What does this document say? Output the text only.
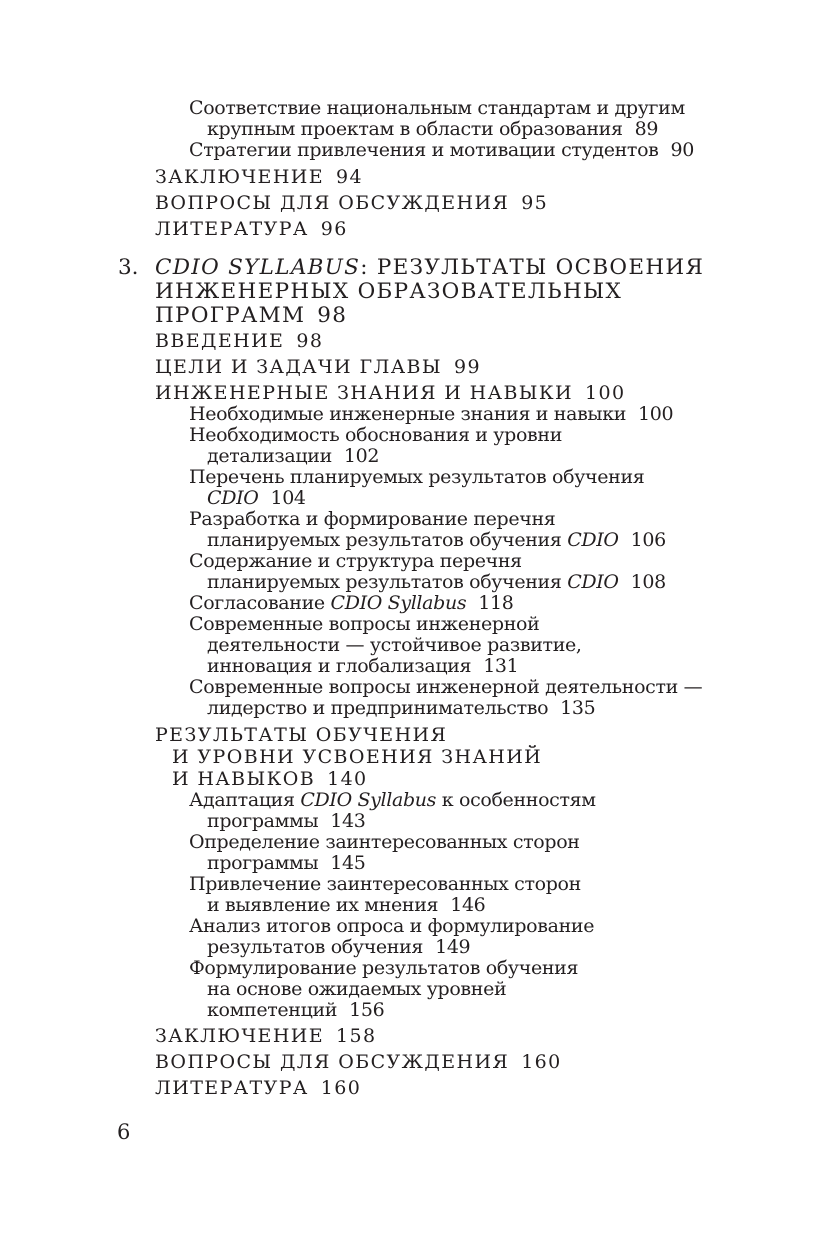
Соответствие национальным стандартам и другим
крупным проектам в области образования 89
Стратегии привлечения и мотивации студентов 90
ЗАКЛЮЧЕНИЕ 94
ВОПРОСЫ ДЛЯ ОБСУЖДЕНИЯ 95
ЛИТЕРАТУРА 96
3. CDIO SYLLABUS: РЕЗУЛЬТАТЫ ОСВОЕНИЯ
ИНЖЕНЕРНЫХ ОБРАЗОВАТЕЛЬНЫХ
ПРОГРАММ 98
ВВЕДЕНИЕ 98
ЦЕЛИ И ЗАДАЧИ ГЛАВЫ 99
ИНЖЕНЕРНЫЕ ЗНАНИЯ И НАВЫКИ 100
Необходимые инженерные знания и навыки 100
Необходимость обоснования и уровни
детализации 102
Перечень планируемых результатов обучения
CDIO 104
Разработка и формирование перечня
планируемых результатов обучения CDIO 106
Содержание и структура перечня
планируемых результатов обучения CDIO 108
Согласование CDIO Syllabus 118
Современные вопросы инженерной
деятельности — устойчивое развитие,
инновация и глобализация 131
Современные вопросы инженерной деятельности —
лидерство и предпринимательство 135
РЕЗУЛЬТАТЫ ОБУЧЕНИЯ
И УРОВНИ УСВОЕНИЯ ЗНАНИЙ
И НАВЫКОВ 140
Адаптация CDIO Syllabus к особенностям
программы 143
Определение заинтересованных сторон
программы 145
Привлечение заинтересованных сторон
и выявление их мнения 146
Анализ итогов опроса и формулирование
результатов обучения 149
Формулирование результатов обучения
на основе ожидаемых уровней
компетенций 156
ЗАКЛЮЧЕНИЕ 158
ВОПРОСЫ ДЛЯ ОБСУЖДЕНИЯ 160
ЛИТЕРАТУРА 160
6
